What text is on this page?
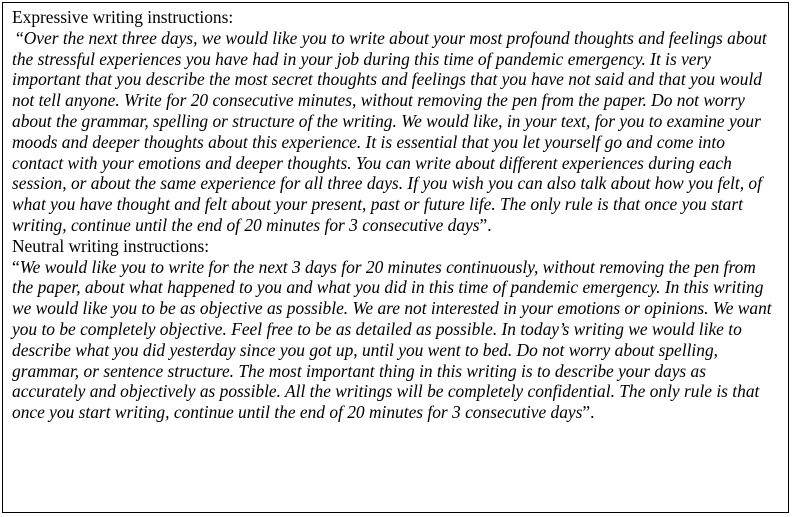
Expressive writing instructions:

“Over the next three days, we would like you to write about your most profound thoughts and feelings about the stressful experiences you have had in your job during this time of pandemic emergency. It is very important that you describe the most secret thoughts and feelings that you have not said and that you would not tell anyone. Write for 20 consecutive minutes, without removing the pen from the paper. Do not worry about the grammar, spelling or structure of the writing. We would like, in your text, for you to examine your moods and deeper thoughts about this experience. It is essential that you let yourself go and come into contact with your emotions and deeper thoughts. You can write about different experiences during each session, or about the same experience for all three days. If you wish you can also talk about how you felt, of what you have thought and felt about your present, past or future life. The only rule is that once you start writing, continue until the end of 20 minutes for 3 consecutive days”.

Neutral writing instructions:

“We would like you to write for the next 3 days for 20 minutes continuously, without removing the pen from the paper, about what happened to you and what you did in this time of pandemic emergency. In this writing we would like you to be as objective as possible. We are not interested in your emotions or opinions. We want you to be completely objective. Feel free to be as detailed as possible. In today’s writing we would like to describe what you did yesterday since you got up, until you went to bed. Do not worry about spelling, grammar, or sentence structure. The most important thing in this writing is to describe your days as accurately and objectively as possible. All the writings will be completely confidential. The only rule is that once you start writing, continue until the end of 20 minutes for 3 consecutive days”.
